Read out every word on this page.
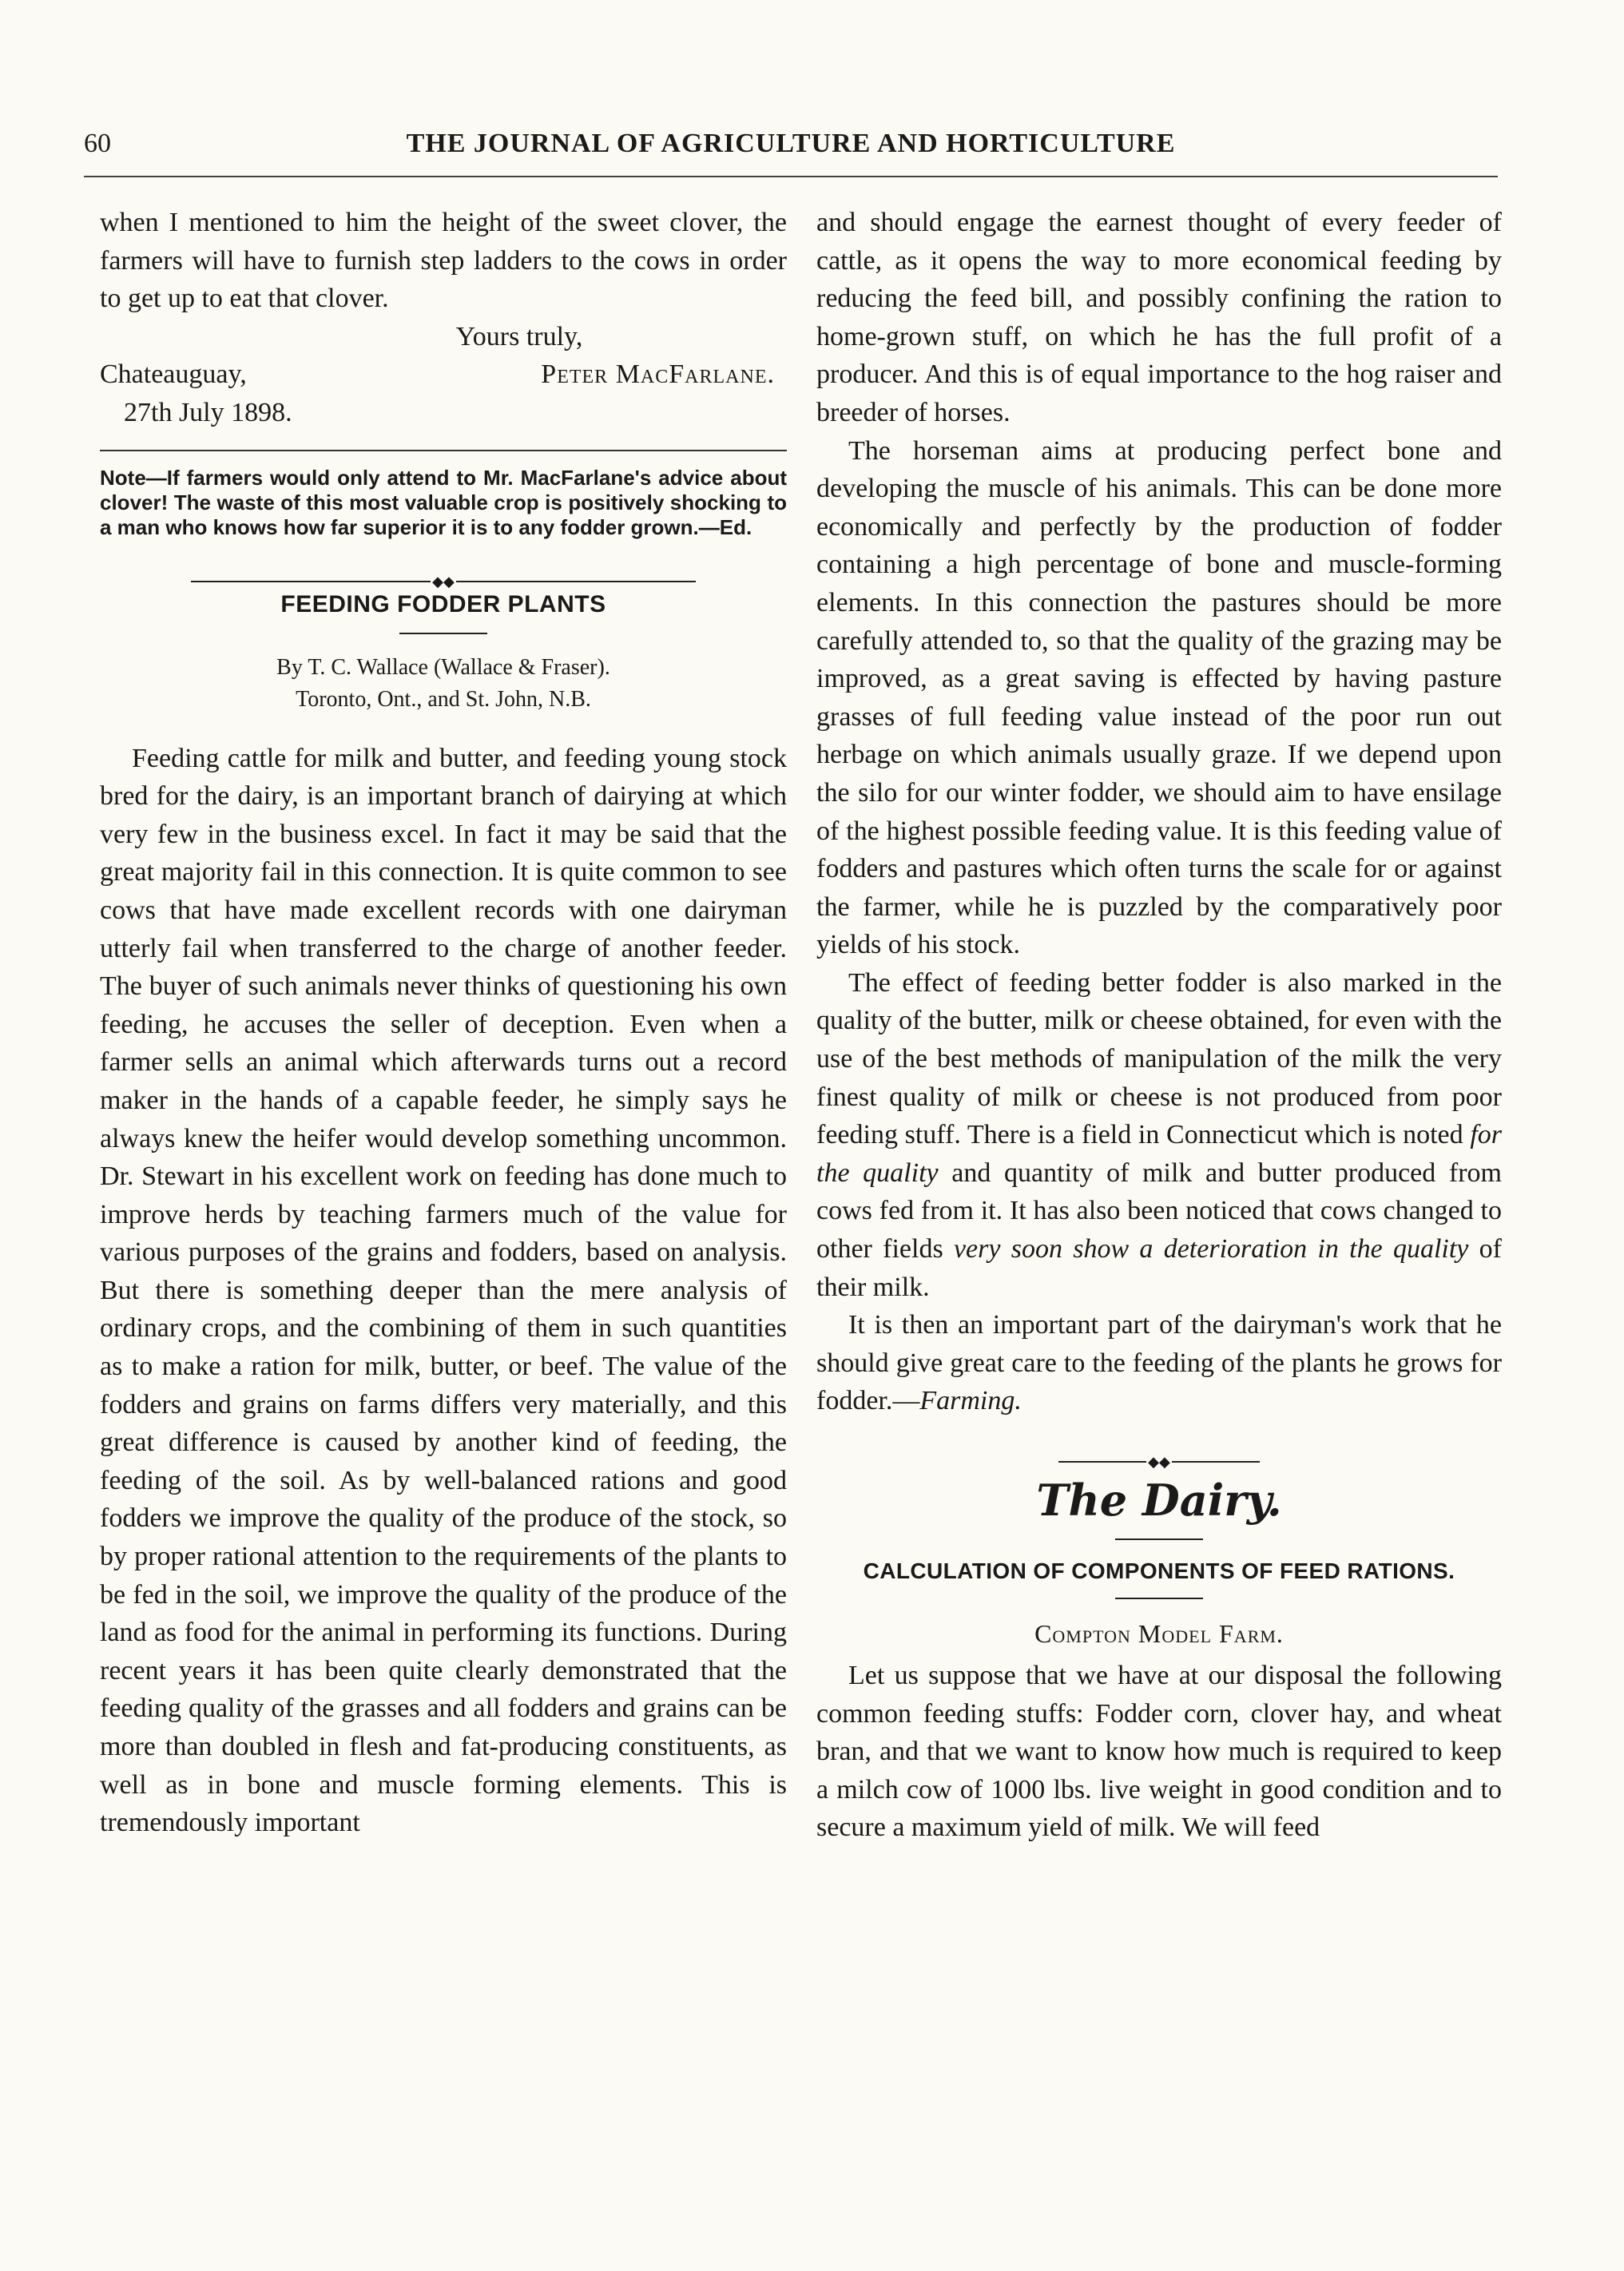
60	THE JOURNAL OF AGRICULTURE AND HORTICULTURE

when I mentioned to him the height of the sweet clover, the farmers will have to furnish step ladders to the cows in order to get up to eat that clover.

Yours truly,

Chateauguay,	Peter MacFarlane.

27th July 1898.

Note—If farmers would only attend to Mr. MacFarlane's advice about clover! The waste of this most valuable crop is positively shocking to a man who knows how far superior it is to any fodder grown.—Ed.

◆◆
FEEDING FODDER PLANTS
By T. C. Wallace (Wallace & Fraser).
Toronto, Ont., and St. John, N.B.

Feeding cattle for milk and butter, and feeding young stock bred for the dairy, is an important branch of dairying at which very few in the business excel. In fact it may be said that the great majority fail in this connection. It is quite common to see cows that have made excellent records with one dairyman utterly fail when transferred to the charge of another feeder. The buyer of such animals never thinks of questioning his own feeding, he accuses the seller of deception. Even when a farmer sells an animal which afterwards turns out a record maker in the hands of a capable feeder, he simply says he always knew the heifer would develop something uncommon. Dr. Stewart in his excellent work on feeding has done much to improve herds by teaching farmers much of the value for various purposes of the grains and fodders, based on analysis. But there is something deeper than the mere analysis of ordinary crops, and the combining of them in such quantities as to make a ration for milk, butter, or beef. The value of the fodders and grains on farms differs very materially, and this great difference is caused by another kind of feeding, the feeding of the soil. As by well-balanced rations and good fodders we improve the quality of the produce of the stock, so by proper rational attention to the requirements of the plants to be fed in the soil, we improve the quality of the produce of the land as food for the animal in performing its functions. During recent years it has been quite clearly demonstrated that the feeding quality of the grasses and all fodders and grains can be more than doubled in flesh and fat-producing constituents, as well as in bone and muscle forming elements. This is tremendously important

and should engage the earnest thought of every feeder of cattle, as it opens the way to more economical feeding by reducing the feed bill, and possibly confining the ration to home-grown stuff, on which he has the full profit of a producer. And this is of equal importance to the hog raiser and breeder of horses.

The horseman aims at producing perfect bone and developing the muscle of his animals. This can be done more economically and perfectly by the production of fodder containing a high percentage of bone and muscle-forming elements. In this connection the pastures should be more carefully attended to, so that the quality of the grazing may be improved, as a great saving is effected by having pasture grasses of full feeding value instead of the poor run out herbage on which animals usually graze. If we depend upon the silo for our winter fodder, we should aim to have ensilage of the highest possible feeding value. It is this feeding value of fodders and pastures which often turns the scale for or against the farmer, while he is puzzled by the comparatively poor yields of his stock.

The effect of feeding better fodder is also marked in the quality of the butter, milk or cheese obtained, for even with the use of the best methods of manipulation of the milk the very finest quality of milk or cheese is not produced from poor feeding stuff. There is a field in Connecticut which is noted for the quality and quantity of milk and butter produced from cows fed from it. It has also been noticed that cows changed to other fields very soon show a deterioration in the quality of their milk.

It is then an important part of the dairyman's work that he should give great care to the feeding of the plants he grows for fodder.—Farming.

◆◆
The Dairy.
CALCULATION OF COMPONENTS OF FEED RATIONS.
Compton Model Farm.

Let us suppose that we have at our disposal the following common feeding stuffs: Fodder corn, clover hay, and wheat bran, and that we want to know how much is required to keep a milch cow of 1000 lbs. live weight in good condition and to secure a maximum yield of milk. We will feed
